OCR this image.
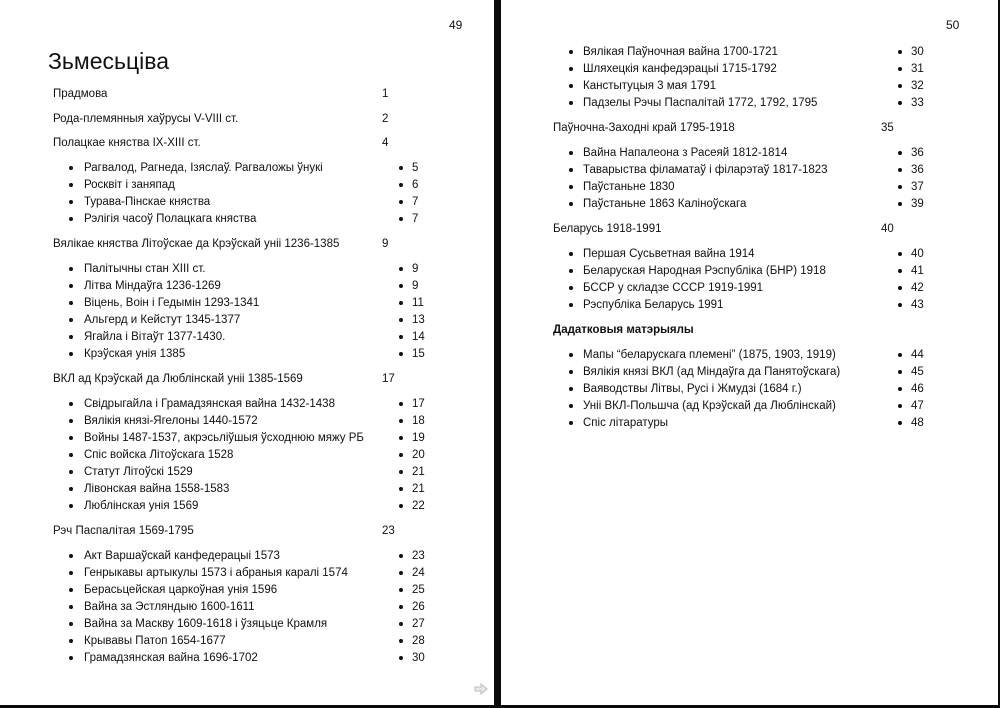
49
Зьмесьціва
Прадмова	1
Рода-племянныя хаўрусы V-VIII ст.	2
Полацкае княства IX-XIII ст.	4
Рагвалод, Рагнеда, Ізяслаў. Рагваложы ўнукі	5
Росквіт і заняпад	6
Турава-Пінскае княства	7
Рэлігія часоў Полацкага княства	7
Вялікае княства Літоўскае да Крэўскай уніі 1236-1385	9
Палітычны стан XIII ст.	9
Літва Міндаўга 1236-1269	9
Віцень, Воін і Гедымін 1293-1341	11
Альгерд и Кейстут 1345-1377	13
Ягайла і Вітаўт 1377-1430.	14
Крэўская унія 1385	15
ВКЛ ад Крэўскай да Люблінскай уніі 1385-1569	17
Свідрыгайла і Грамадзянская вайна 1432-1438	17
Вялікія князі-Ягелоны 1440-1572	18
Войны 1487-1537, акрэсьліўшыя ўсходнюю мяжу РБ	19
Спіс войска Літоўскага 1528	20
Статут Літоўскі 1529	21
Лівонская вайна 1558-1583	21
Люблінская унія 1569	22
Рэч Паспалітая 1569-1795	23
Акт Варшаўскай канфедерацыі 1573	23
Генрыкавы артыкулы 1573 і абраныя каралі 1574	24
Берасьцейская царкоўная унія 1596	25
Вайна за Эстляндыю 1600-1611	26
Вайна за Маскву 1609-1618 і ўзяцьце Крамля	27
Крывавы Патоп 1654-1677	28
Грамадзянская вайна 1696-1702	30
50
Вялікая Паўночная вайна 1700-1721	30
Шляхецкія канфедэрацыі 1715-1792	31
Канстытуцыя 3 мая 1791	32
Падзелы Рэчы Паспалітай 1772, 1792, 1795	33
Паўночна-Заходні край 1795-1918	35
Вайна Напалеона з Расеяй 1812-1814	36
Таварыства філаматаў і філарэтаў 1817-1823	36
Паўстаньне 1830	37
Паўстаньне 1863 Каліноўскага	39
Беларусь 1918-1991	40
Першая Сусьветная вайна 1914	40
Беларуская Народная Рэспубліка (БНР) 1918	41
БССР у складзе СССР 1919-1991	42
Рэспубліка Беларусь 1991	43
Дадатковыя матэрыялы
Мапы “беларускага племені” (1875, 1903, 1919)	44
Вялікія князі ВКЛ (ад Міндаўга да Панятоўскага)	45
Ваяводствы Літвы, Русі і Жмудзі (1684 г.)	46
Уніі ВКЛ-Польшча (ад Крэўскай да Люблінскай)	47
Спіс літаратуры	48
